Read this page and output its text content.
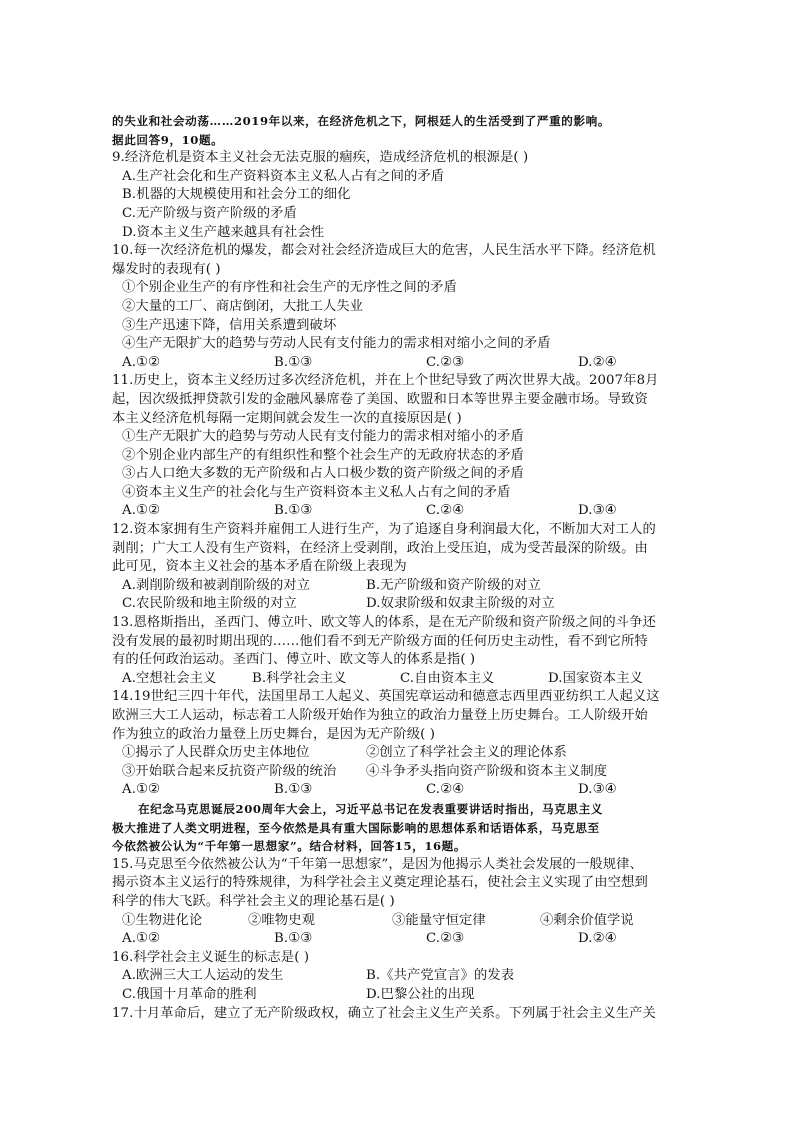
的失业和社会动荡……2019年以来，在经济危机之下，阿根廷人的生活受到了严重的影响。
据此回答9，10题。
9.经济危机是资本主义社会无法克服的痼疾，造成经济危机的根源是( )
A.生产社会化和生产资料资本主义私人占有之间的矛盾
B.机器的大规模使用和社会分工的细化
C.无产阶级与资产阶级的矛盾
D.资本主义生产越来越具有社会性
10.每一次经济危机的爆发，都会对社会经济造成巨大的危害，人民生活水平下降。经济危机
爆发时的表现有( )
①个别企业生产的有序性和社会生产的无序性之间的矛盾
②大量的工厂、商店倒闭，大批工人失业
③生产迅速下降，信用关系遭到破坏
④生产无限扩大的趋势与劳动人民有支付能力的需求相对缩小之间的矛盾
A.①②	B.①③	C.②③	D.②④
11.历史上，资本主义经历过多次经济危机，并在上个世纪导致了两次世界大战。2007年8月
起，因次级抵押贷款引发的金融风暴席卷了美国、欧盟和日本等世界主要金融市场。导致资
本主义经济危机每隔一定期间就会发生一次的直接原因是( )
①生产无限扩大的趋势与劳动人民有支付能力的需求相对缩小的矛盾
②个别企业内部生产的有组织性和整个社会生产的无政府状态的矛盾
③占人口绝大多数的无产阶级和占人口极少数的资产阶级之间的矛盾
④资本主义生产的社会化与生产资料资本主义私人占有之间的矛盾
A.①②	B.①③	C.②④	D.③④
12.资本家拥有生产资料并雇佣工人进行生产，为了追逐自身利润最大化，不断加大对工人的
剥削；广大工人没有生产资料，在经济上受剥削，政治上受压迫，成为受苦最深的阶级。由
此可见，资本主义社会的基本矛盾在阶级上表现为
A.剥削阶级和被剥削阶级的对立	B.无产阶级和资产阶级的对立
C.农民阶级和地主阶级的对立	D.奴隶阶级和奴隶主阶级的对立
13.恩格斯指出，圣西门、傅立叶、欧文等人的体系，是在无产阶级和资产阶级之间的斗争还
没有发展的最初时期出现的……他们看不到无产阶级方面的任何历史主动性，看不到它所特
有的任何政治运动。圣西门、傅立叶、欧文等人的体系是指( )
A.空想社会主义	B.科学社会主义	C.自由资本主义	D.国家资本主义
14.19世纪三四十年代，法国里昂工人起义、英国宪章运动和德意志西里西亚纺织工人起义这
欧洲三大工人运动，标志着工人阶级开始作为独立的政治力量登上历史舞台。工人阶级开始
作为独立的政治力量登上历史舞台，是因为无产阶级( )
①揭示了人民群众历史主体地位	②创立了科学社会主义的理论体系
③开始联合起来反抗资产阶级的统治	④斗争矛头指向资产阶级和资本主义制度
A.①②	B.①③	C.②④	D.③④
在纪念马克思诞辰200周年大会上，习近平总书记在发表重要讲话时指出，马克思主义
极大推进了人类文明进程，至今依然是具有重大国际影响的思想体系和话语体系，马克思至
今依然被公认为“千年第一思想家”。结合材料，回答15，16题。
15.马克思至今依然被公认为“千年第一思想家”，是因为他揭示人类社会发展的一般规律、
揭示资本主义运行的特殊规律，为科学社会主义奠定理论基石，使社会主义实现了由空想到
科学的伟大飞跃。科学社会主义的理论基石是( )
①生物进化论	②唯物史观	③能量守恒定律	④剩余价值学说
A.①②	B.①③	C.②③	D.②④
16.科学社会主义诞生的标志是( )
A.欧洲三大工人运动的发生	B.《共产党宣言》的发表
C.俄国十月革命的胜利	D.巴黎公社的出现
17.十月革命后，建立了无产阶级政权，确立了社会主义生产关系。下列属于社会主义生产关
